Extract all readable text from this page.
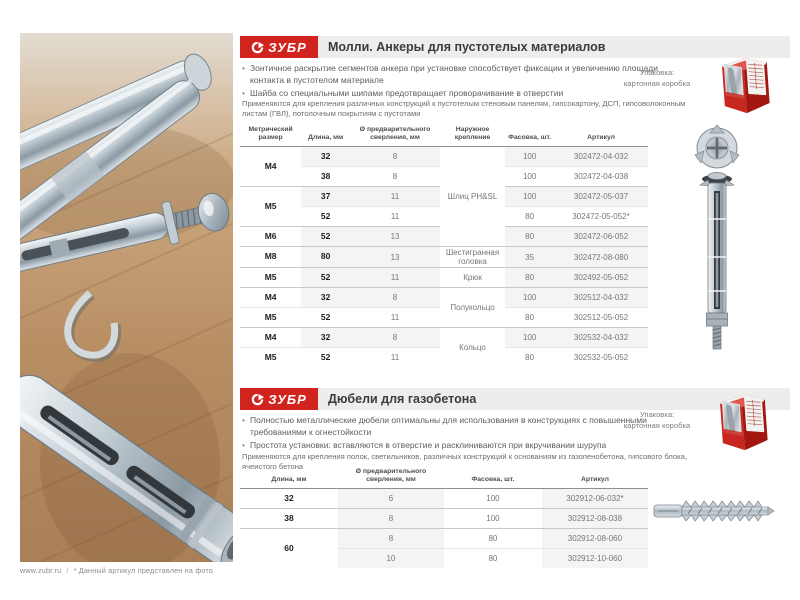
www.zubr.ru / * Данный артикул представлен на фото
ЗУБР	Молли. Анкеры для пустотелых материалов
• Зонтичное раскрытие сегментов анкера при установке способствует фиксации и увеличению площади контакта в пустотелом материале
• Шайба со специальными шипами предотвращает проворачивание в отверстии

Применяются для крепления различных конструкций к пустотелым стеновым панелям, гипсокартону, ДСП, гипсоволоконным листам (ГВЛ), потолочным покрытиям с пустотами

Упаковка:
картонная коробка
Метрический размер	Длина, мм	Ø предварительного сверления, мм	Наружное крепление	Фасовка, шт.	Артикул
М4	32	8	Шлиц PH&SL	100	302472-04-032
	38	8		100	302472-04-038
М5	37	11		100	302472-05-037
	52	11		80	302472-05-052*
М6	52	13		80	302472-06-052
М8	80	13	Шестигранная головка	35	302472-08-080
М5	52	11	Крюк	80	302492-05-052
М4	32	8	Полукольцо	100	302512-04-032
М5	52	11		80	302512-05-052
М4	32	8	Кольцо	100	302532-04-032
М5	52	11		80	302532-05-052
ЗУБР	Дюбели для газобетона
• Полностью металлические дюбели оптимальны для использования в конструкциях с повышенными требованиями к огнестойкости
• Простота установки: вставляются в отверстие и расклиниваются при вкручивании шурупа

Применяются для крепления полок, светильников, различных конструкций к основаниям из газопенобетона, гипсового блока, ячеистого бетона

Упаковка:
картонная коробка
Длина, мм	Ø предварительного сверления, мм	Фасовка, шт.	Артикул
32	6	100	302912-06-032*
38	8	100	302912-08-038
60	8	80	302912-08-060
	10	80	302912-10-060
